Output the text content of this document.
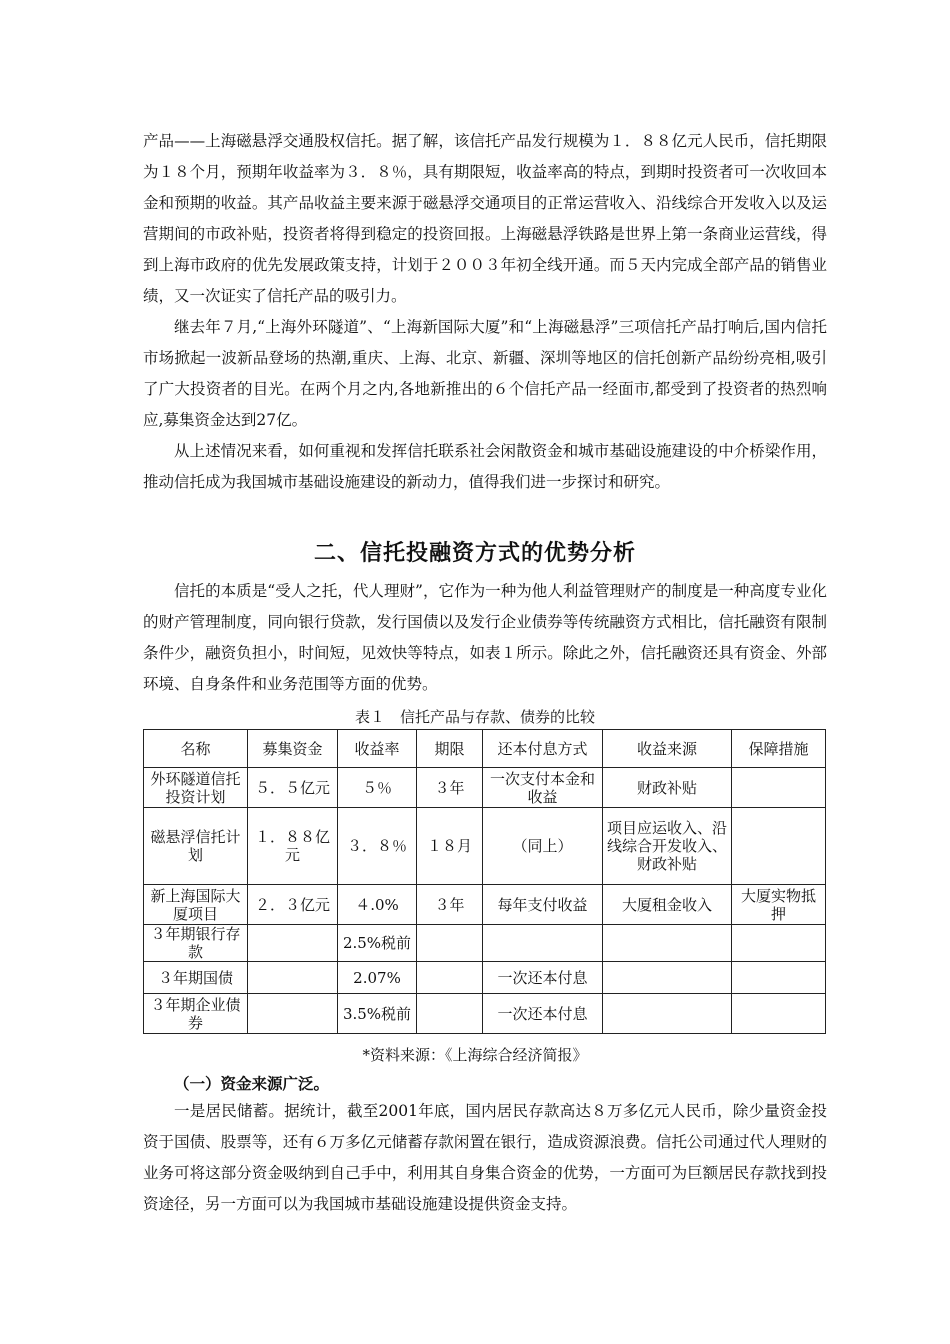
产品——上海磁悬浮交通股权信托。据了解，该信托产品发行规模为１．８８亿元人民币，信托期限为１８个月，预期年收益率为３．８％，具有期限短，收益率高的特点，到期时投资者可一次收回本金和预期的收益。其产品收益主要来源于磁悬浮交通项目的正常运营收入、沿线综合开发收入以及运营期间的市政补贴，投资者将得到稳定的投资回报。上海磁悬浮铁路是世界上第一条商业运营线，得到上海市政府的优先发展政策支持，计划于２００３年初全线开通。而５天内完成全部产品的销售业绩，又一次证实了信托产品的吸引力。

继去年７月,“上海外环隧道”、“上海新国际大厦”和“上海磁悬浮”三项信托产品打响后,国内信托市场掀起一波新品登场的热潮,重庆、上海、北京、新疆、深圳等地区的信托创新产品纷纷亮相,吸引了广大投资者的目光。在两个月之内,各地新推出的６个信托产品一经面市,都受到了投资者的热烈响应,募集资金达到27亿。

从上述情况来看，如何重视和发挥信托联系社会闲散资金和城市基础设施建设的中介桥梁作用，推动信托成为我国城市基础设施建设的新动力，值得我们进一步探讨和研究。

二、信托投融资方式的优势分析

信托的本质是“受人之托，代人理财”，它作为一种为他人利益管理财产的制度是一种高度专业化的财产管理制度，同向银行贷款，发行国债以及发行企业债券等传统融资方式相比，信托融资有限制条件少，融资负担小，时间短，见效快等特点，如表１所示。除此之外，信托融资还具有资金、外部环境、自身条件和业务范围等方面的优势。

表１　信托产品与存款、债券的比较
名称	募集资金	收益率	期限	还本付息方式	收益来源	保障措施
外环隧道信托投资计划	５．５亿元	５％	３年	一次支付本金和收益	财政补贴	
磁悬浮信托计划	１．８８亿元	３．８％	１８月	（同上）	项目应运收入、沿线综合开发收入、财政补贴	
新上海国际大厦项目	２．３亿元	４.0%	３年	每年支付收益	大厦租金收入	大厦实物抵押
３年期银行存款		2.5%税前				
３年期国债		2.07%		一次还本付息		
３年期企业债券		3.5%税前		一次还本付息		
*资料来源：《上海综合经济简报》
（一）资金来源广泛。

一是居民储蓄。据统计，截至2001年底，国内居民存款高达８万多亿元人民币，除少量资金投资于国债、股票等，还有６万多亿元储蓄存款闲置在银行，造成资源浪费。信托公司通过代人理财的业务可将这部分资金吸纳到自己手中，利用其自身集合资金的优势，一方面可为巨额居民存款找到投资途径，另一方面可以为我国城市基础设施建设提供资金支持。
